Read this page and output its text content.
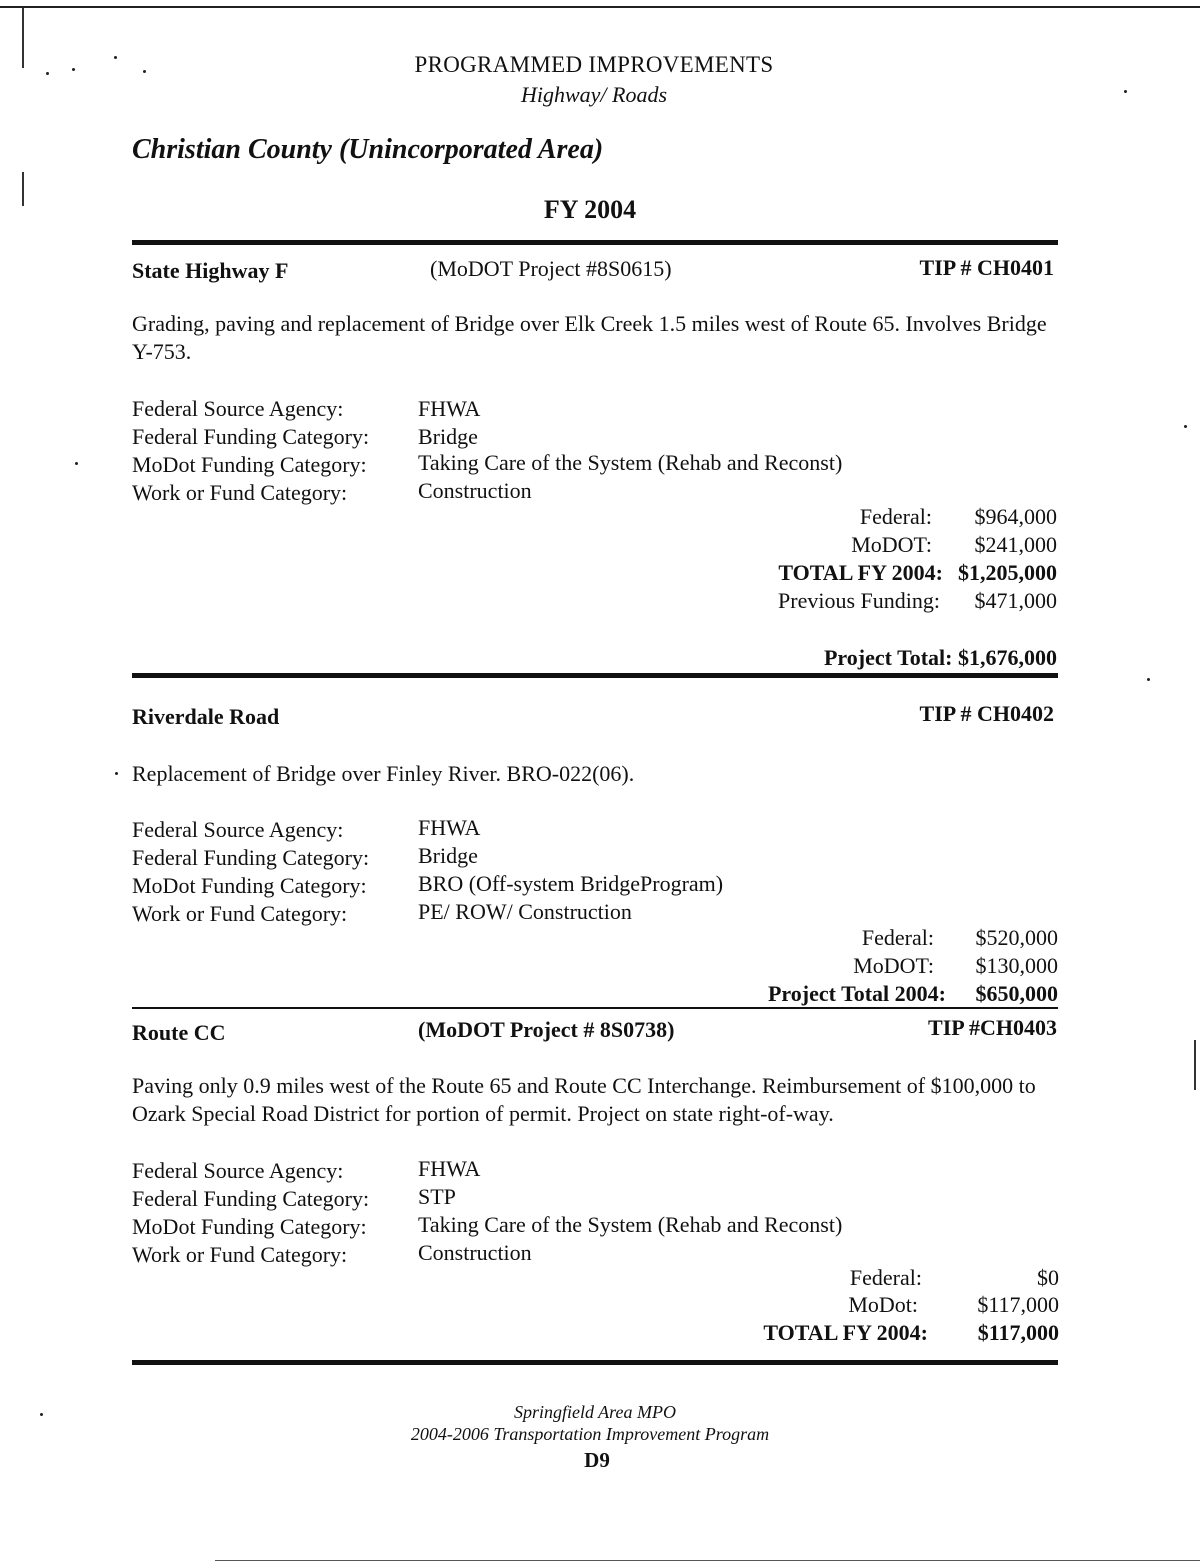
PROGRAMMED IMPROVEMENTS
Highway/ Roads
Christian County (Unincorporated Area)
FY 2004
State Highway F	(MoDOT Project #8S0615)	TIP # CH0401
Grading, paving and replacement of Bridge over Elk Creek 1.5 miles west of Route 65. Involves Bridge Y-753.
Federal Source Agency:	FHWA
Federal Funding Category: Bridge
MoDot Funding Category: Taking Care of the System (Rehab and Reconst)
Work or Fund Category:	Construction
Federal: $964,000
MoDOT: $241,000
TOTAL FY 2004: $1,205,000
Previous Funding: $471,000
Project Total: $1,676,000
Riverdale Road	TIP # CH0402
Replacement of Bridge over Finley River. BRO-022(06).
Federal Source Agency:	FHWA
Federal Funding Category: Bridge
MoDot Funding Category: BRO (Off-system BridgeProgram)
Work or Fund Category:	PE/ ROW/ Construction
Federal: $520,000
MoDOT: $130,000
Project Total 2004: $650,000
Route CC	(MoDOT Project # 8S0738)	TIP #CH0403
Paving only 0.9 miles west of the Route 65 and Route CC Interchange. Reimbursement of $100,000 to Ozark Special Road District for portion of permit. Project on state right-of-way.
Federal Source Agency:	FHWA
Federal Funding Category: STP
MoDot Funding Category: Taking Care of the System (Rehab and Reconst)
Work or Fund Category:	Construction
Federal:	$0
MoDot:	$117,000
TOTAL FY 2004: $117,000
Springfield Area MPO
2004-2006 Transportation Improvement Program
D9
